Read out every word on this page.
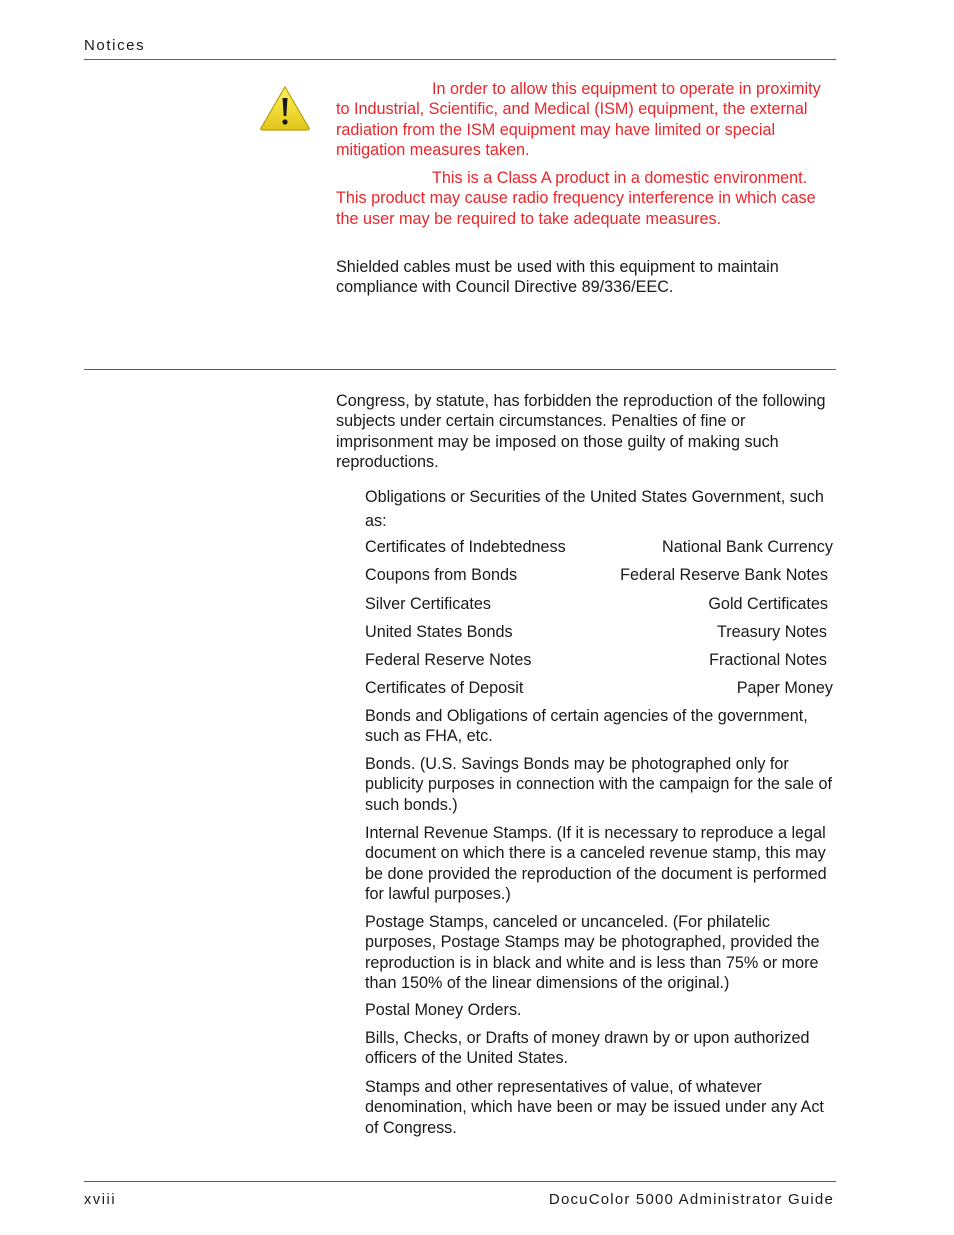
Notices

In order to allow this equipment to operate in proximity to Industrial, Scientific, and Medical (ISM) equipment, the external radiation from the ISM equipment may have limited or special mitigation measures taken.

This is a Class A product in a domestic environment. This product may cause radio frequency interference in which case the user may be required to take adequate measures.

Shielded cables must be used with this equipment to maintain compliance with Council Directive 89/336/EEC.

Congress, by statute, has forbidden the reproduction of the following subjects under certain circumstances. Penalties of fine or imprisonment may be imposed on those guilty of making such reproductions.

Obligations or Securities of the United States Government, such as:

Certificates of Indebtedness	National Bank Currency
Coupons from Bonds	Federal Reserve Bank Notes
Silver Certificates	Gold Certificates
United States Bonds	Treasury Notes
Federal Reserve Notes	Fractional Notes
Certificates of Deposit	Paper Money

Bonds and Obligations of certain agencies of the government, such as FHA, etc.

Bonds. (U.S. Savings Bonds may be photographed only for publicity purposes in connection with the campaign for the sale of such bonds.)

Internal Revenue Stamps. (If it is necessary to reproduce a legal document on which there is a canceled revenue stamp, this may be done provided the reproduction of the document is performed for lawful purposes.)

Postage Stamps, canceled or uncanceled. (For philatelic purposes, Postage Stamps may be photographed, provided the reproduction is in black and white and is less than 75% or more than 150% of the linear dimensions of the original.)

Postal Money Orders.

Bills, Checks, or Drafts of money drawn by or upon authorized officers of the United States.

Stamps and other representatives of value, of whatever denomination, which have been or may be issued under any Act of Congress.

xviii	DocuColor 5000 Administrator Guide
